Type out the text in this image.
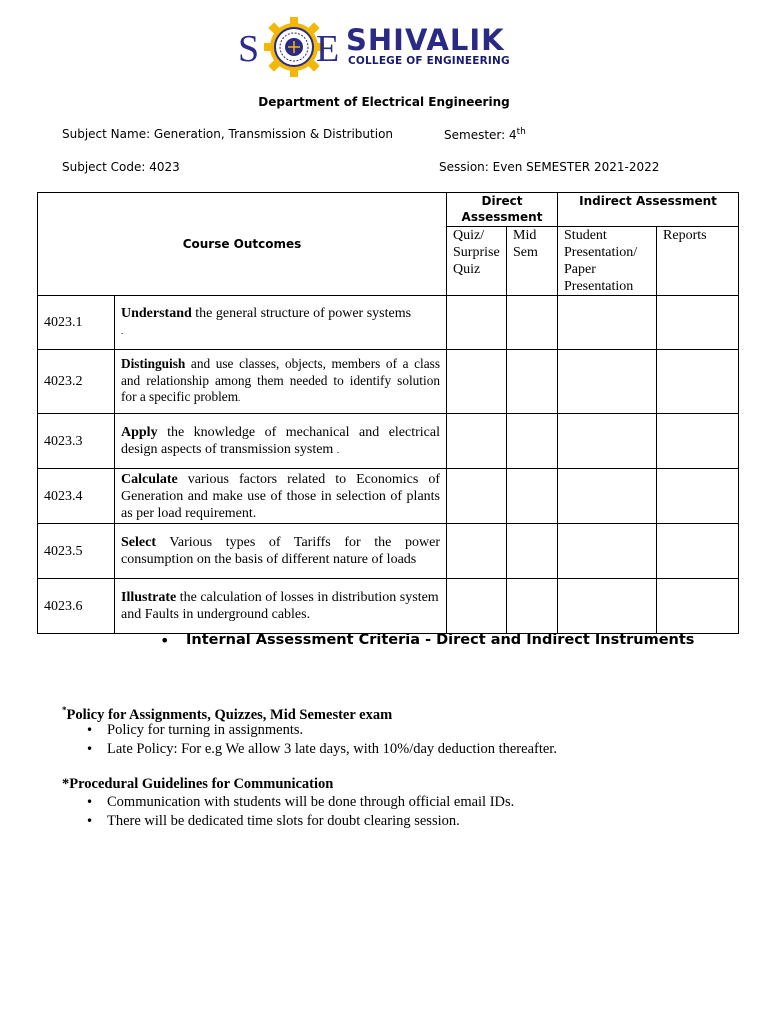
S E SHIVALIK
COLLEGE OF ENGINEERING
Department of Electrical Engineering
Subject Name: Generation, Transmission & Distribution	Semester: 4th
Subject Code: 4023	Session: Even SEMESTER 2021-2022
Course Outcomes		Direct Assessment		Indirect Assessment	
		Quiz/ Surprise Quiz	Mid Sem	Student Presentation/ Paper Presentation	Reports
4023.1	Understand the general structure of power systems
.				
4023.2	Distinguish and use classes, objects, members of a class and relationship among them needed to identify solution for a specific problem.				
4023.3	Apply the knowledge of mechanical and electrical design aspects of transmission system .				
4023.4	Calculate various factors related to Economics of Generation and make use of those in selection of plants as per load requirement.				
4023.5	Select Various types of Tariffs for the power consumption on the basis of different nature of loads				
4023.6	Illustrate the calculation of losses in distribution system and Faults in underground cables.				
• Internal Assessment Criteria - Direct and Indirect Instruments
*Policy for Assignments, Quizzes, Mid Semester exam
• Policy for turning in assignments.
• Late Policy: For e.g We allow 3 late days, with 10%/day deduction thereafter.
*Procedural Guidelines for Communication
• Communication with students will be done through official email IDs.
• There will be dedicated time slots for doubt clearing session.
